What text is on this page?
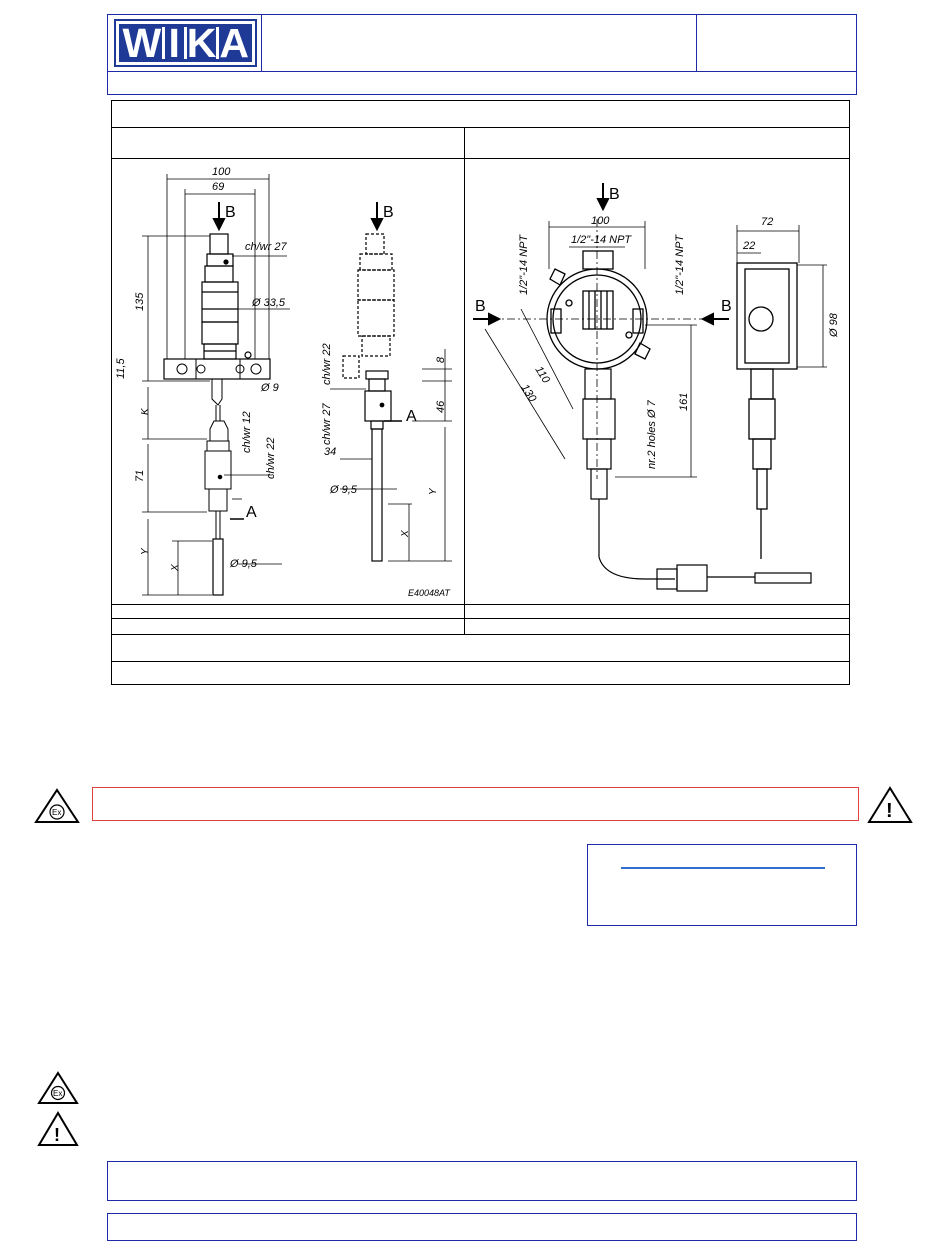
W I K A
B	B
A
A
100
69
135
11,5
71
K
Y
X
ch/wr 27
Ø 33,5
Ø 9
ch/wr 12
ch/wr 22
Ø 9,5
ch/wr 22
ch/wr 27
8
46
34
Ø 9,5	Y
X
E40048AT
B
B	B
100
1/2"-14 NPT
1/2"-14 NPT	1/2"-14 NPT
72
22
Ø 98
110
130	161
nr.2 holes Ø 7
Ex	!
Ex
!
